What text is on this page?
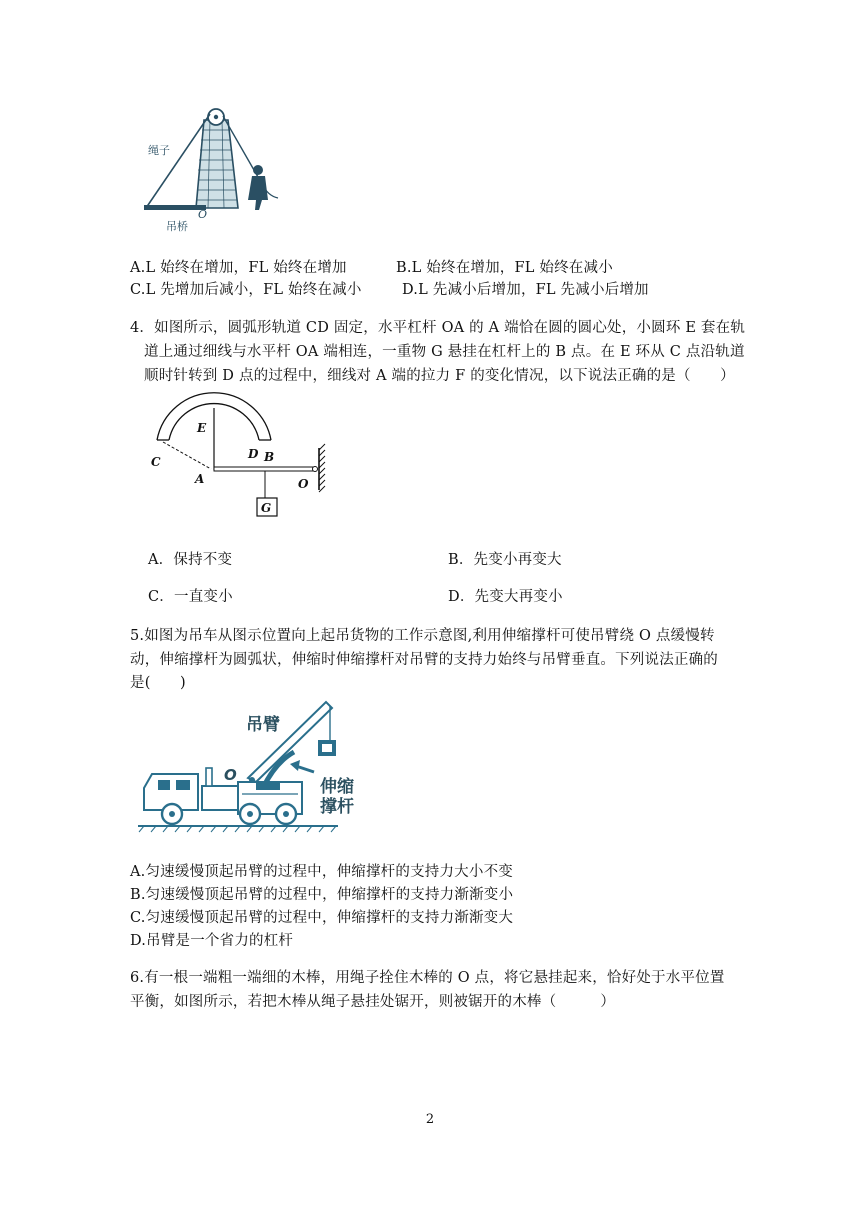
绳子
O
吊桥
A.L 始终在增加，FL 始终在增加	B.L 始终在增加，FL 始终在减小
C.L 先增加后减小，FL 始终在减小	D.L 先减小后增加，FL 先减小后增加
4．如图所示，圆弧形轨道 CD 固定，水平杠杆 OA 的 A 端恰在圆的圆心处，小圆环 E 套在轨
道上通过细线与水平杆 OA 端相连，一重物 G 悬挂在杠杆上的 B 点。在 E 环从 C 点沿轨道
顺时针转到 D 点的过程中，细线对 A 端的拉力 F 的变化情况，以下说法正确的是（　　）
C
E
D B
A	O
G
A．保持不变	B．先变小再变大
C．一直变小	D．先变大再变小
5.如图为吊车从图示位置向上起吊货物的工作示意图,利用伸缩撑杆可使吊臂绕 O 点缓慢转
动，伸缩撑杆为圆弧状，伸缩时伸缩撑杆对吊臂的支持力始终与吊臂垂直。下列说法正确的
是(　　)
吊臂
O
伸缩
撑杆
A.匀速缓慢顶起吊臂的过程中，伸缩撑杆的支持力大小不变
B.匀速缓慢顶起吊臂的过程中，伸缩撑杆的支持力渐渐变小
C.匀速缓慢顶起吊臂的过程中，伸缩撑杆的支持力渐渐变大
D.吊臂是一个省力的杠杆
6.有一根一端粗一端细的木棒，用绳子拴住木棒的 O 点，将它悬挂起来，恰好处于水平位置
平衡，如图所示，若把木棒从绳子悬挂处锯开，则被锯开的木棒（　　　）
2
